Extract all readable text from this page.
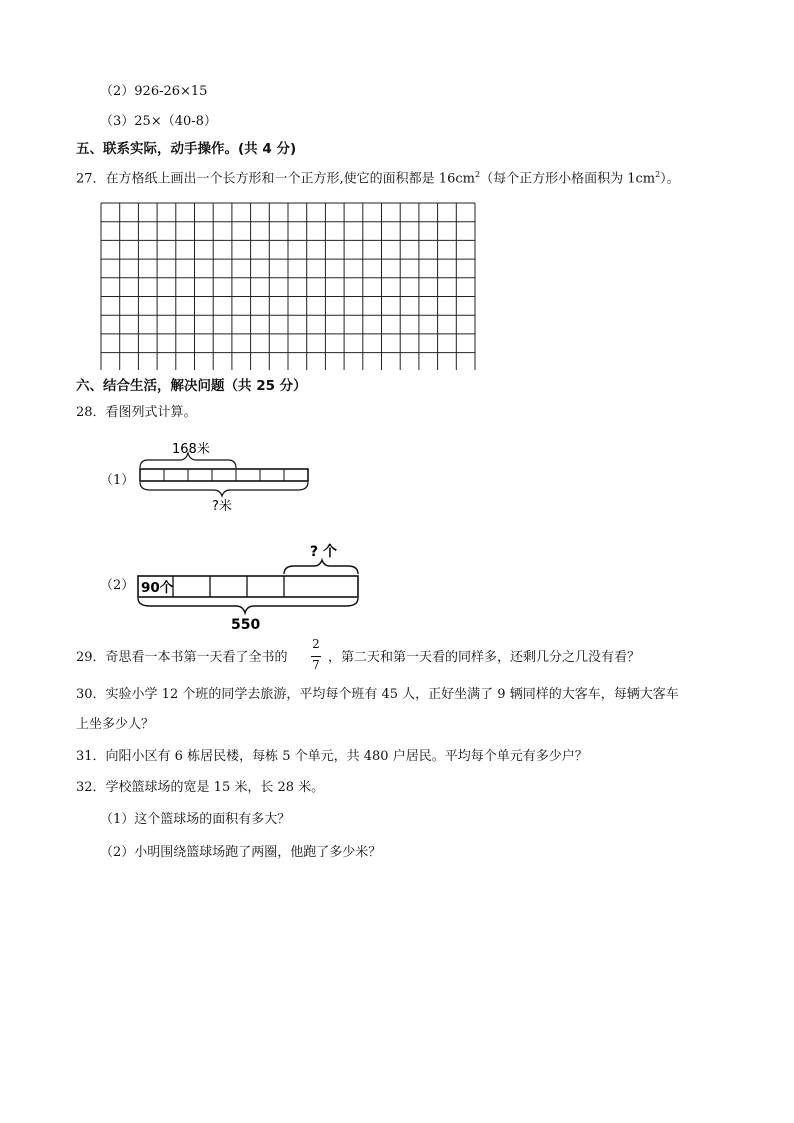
（2）926-26×15
（3）25×（40-8）
五、联系实际，动手操作。(共 4 分)
27．在方格纸上画出一个长方形和一个正方形,使它的面积都是 $16cm^2$（每个正方形小格面积为 $1cm^2$）。
六、结合生活，解决问题（共 25 分）
28．看图列式计算。
（1）
168米
?米
（2）
? 个
90个
550
29．奇思看一本书第一天看了全书的
2
7 ，第二天和第一天看的同样多，还剩几分之几没有看？
30．实验小学 12 个班的同学去旅游，平均每个班有 45 人，正好坐满了 9 辆同样的大客车，每辆大客车
上坐多少人？
31．向阳小区有 6 栋居民楼，每栋 5 个单元，共 480 户居民。平均每个单元有多少户？
32．学校篮球场的宽是 15 米，长 28 米。
（1）这个篮球场的面积有多大？
（2）小明围绕篮球场跑了两圈，他跑了多少米？
